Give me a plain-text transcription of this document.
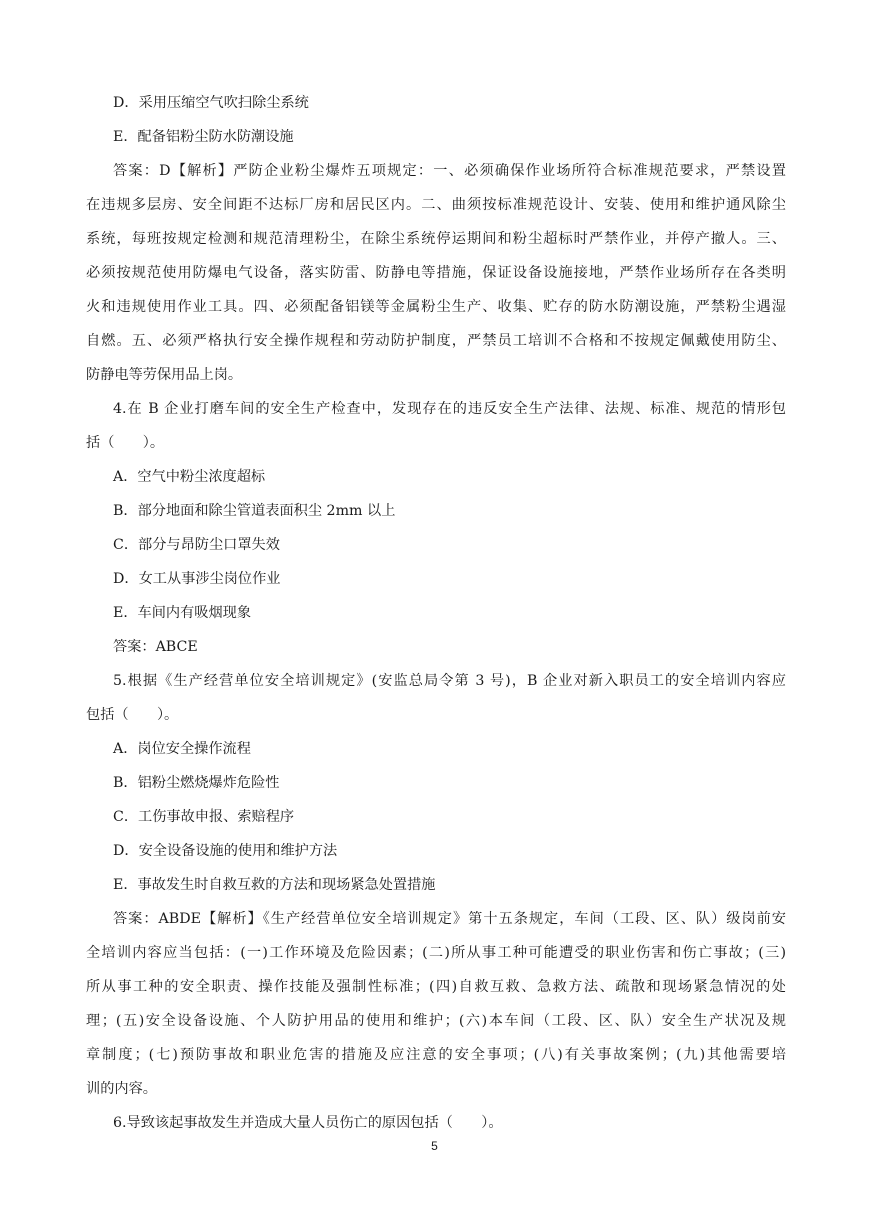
D．采用压缩空气吹扫除尘系统
E．配备铝粉尘防水防潮设施
答案：D【解析】严防企业粉尘爆炸五项规定：一、必须确保作业场所符合标准规范要求，严禁设置
在违规多层房、安全间距不达标厂房和居民区内。二、曲须按标准规范设计、安装、使用和维护通风除尘
系统，每班按规定检测和规范清理粉尘，在除尘系统停运期间和粉尘超标时严禁作业，并停产撤人。三、
必须按规范使用防爆电气设备，落实防雷、防静电等措施，保证设备设施接地，严禁作业场所存在各类明
火和违规使用作业工具。四、必须配备铝镁等金属粉尘生产、收集、贮存的防水防潮设施，严禁粉尘遇湿
自燃。五、必须严格执行安全操作规程和劳动防护制度，严禁员工培训不合格和不按规定佩戴使用防尘、
防静电等劳保用品上岗。
4.在 B 企业打磨车间的安全生产检查中，发现存在的违反安全生产法律、法规、标准、规范的情形包
括（　　）。
A．空气中粉尘浓度超标
B．部分地面和除尘管道表面积尘 2mm 以上
C．部分与昂防尘口罩失效
D．女工从事涉尘岗位作业
E．车间内有吸烟现象
答案：ABCE
5.根据《生产经营单位安全培训规定》(安监总局令第 3 号)，B 企业对新入职员工的安全培训内容应
包括（　　）。
A．岗位安全操作流程
B．铝粉尘燃烧爆炸危险性
C．工伤事故申报、索赔程序
D．安全设备设施的使用和维护方法
E．事故发生时自救互救的方法和现场紧急处置措施
答案：ABDE【解析】《生产经营单位安全培训规定》第十五条规定，车间（工段、区、队）级岗前安
全培训内容应当包括：(一)工作环境及危险因素；(二)所从事工种可能遭受的职业伤害和伤亡事故；(三)
所从事工种的安全职责、操作技能及强制性标准；(四)自救互救、急救方法、疏散和现场紧急情况的处
理；(五)安全设备设施、个人防护用品的使用和维护；(六)本车间（工段、区、队）安全生产状况及规
章制度；(七)预防事故和职业危害的措施及应注意的安全事项；(八)有关事故案例；(九)其他需要培
训的内容。
6.导致该起事故发生并造成大量人员伤亡的原因包括（　　）。
5
